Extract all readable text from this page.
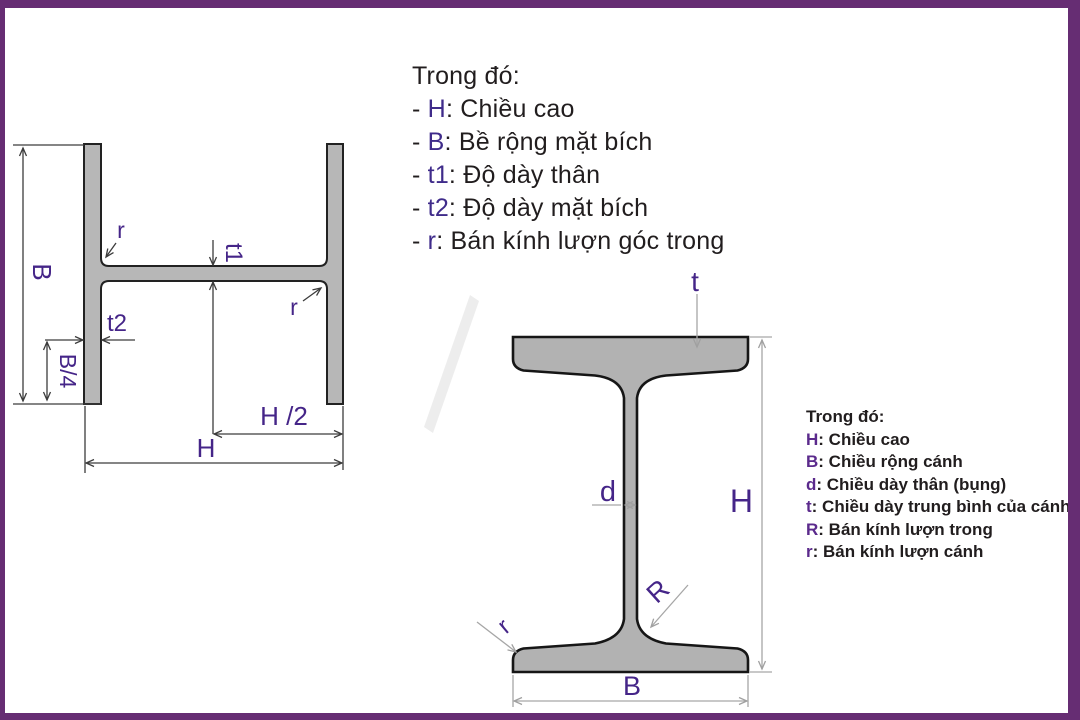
B
r
t1
r
t2
B/4
H /2
H
t
H
d
R
r
B
Trong đó:
- H: Chiều cao
- B: Bề rộng mặt bích
- t1: Độ dày thân
- t2: Độ dày mặt bích
- r: Bán kính lượn góc trong
Trong đó:
H: Chiều cao
B: Chiều rộng cánh
d: Chiều dày thân (bụng)
t: Chiều dày trung bình của cánh
R: Bán kính lượn trong
r: Bán kính lượn cánh
